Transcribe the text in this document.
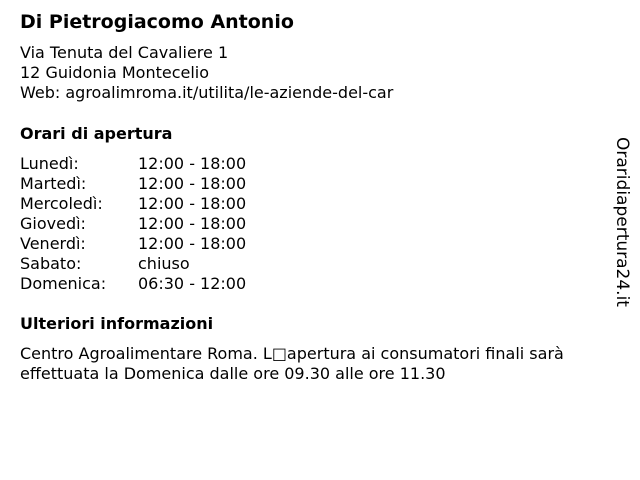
Di Pietrogiacomo Antonio
Via Tenuta del Cavaliere 1
12 Guidonia Montecelio
Web: agroalimroma.it/utilita/le-aziende-del-car
Orari di apertura
Lunedì:	12:00 - 18:00
Martedì:	12:00 - 18:00
Mercoledì:	12:00 - 18:00
Giovedì:	12:00 - 18:00
Venerdì:	12:00 - 18:00
Sabato:	chiuso
Domenica:	06:30 - 12:00
Ulteriori informazioni
Centro Agroalimentare Roma. L□apertura ai consumatori finali sarà effettuata la Domenica dalle ore 09.30 alle ore 11.30
Oraridiapertura24.it
